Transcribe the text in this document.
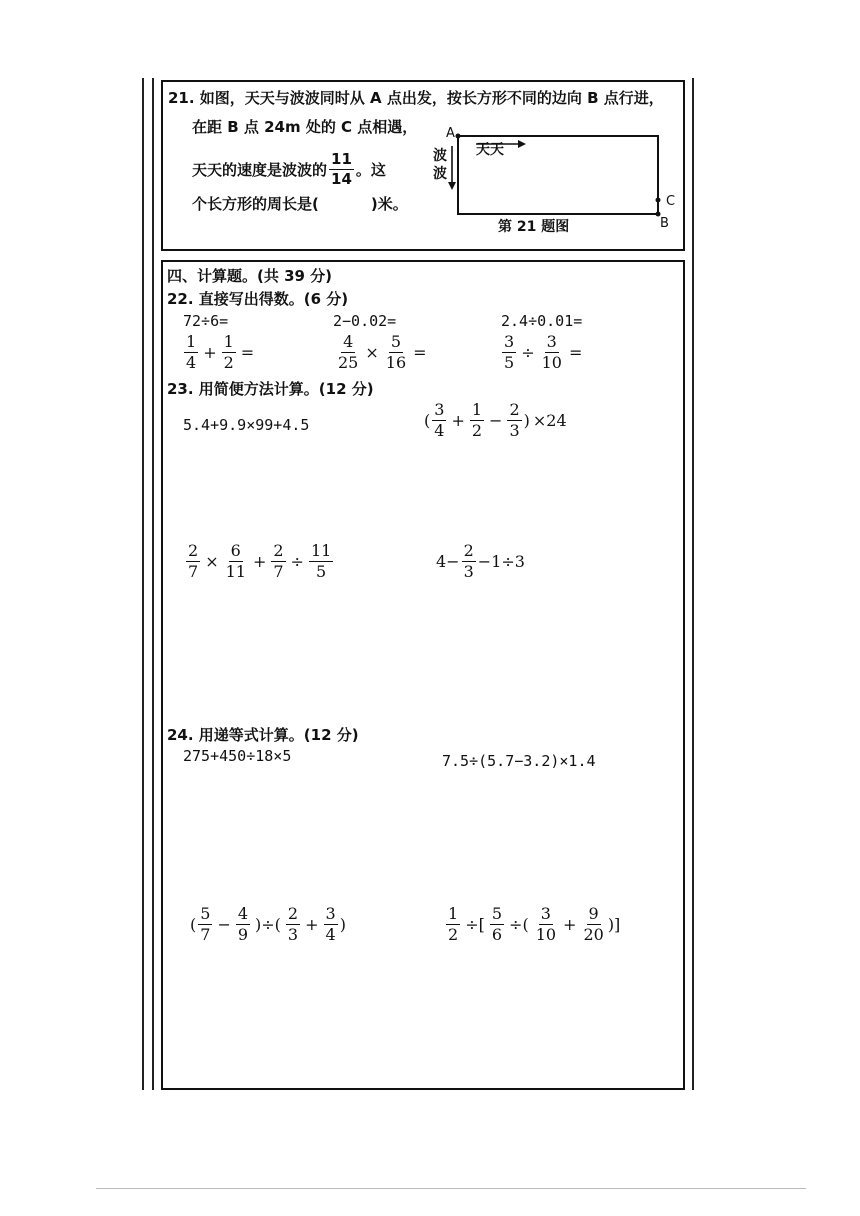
21. 如图，天天与波波同时从 A 点出发，按长方形不同的边向 B 点行进，
在距 B 点 24m 处的 C 点相遇，
天天的速度是波波的 $\frac{11}{14}$ 。这
个长方形的周长是(	)米。
A
C
B
天天
波波
第 21 题图
四、计算题。(共 39 分)
22. 直接写出得数。(6 分)
72÷6=	2−0.02=	2.4÷0.01=
$\frac{1}{4} + \frac{1}{2}$ =	$\frac{4}{25} \times \frac{5}{16}$ =	$\frac{3}{5} \div \frac{3}{10}$ =
23. 用简便方法计算。(12 分)
5.4+9.9×99+4.5	( $\frac{3}{4} + \frac{1}{2} - \frac{2}{3}$ ) ×24
$\frac{2}{7} \times \frac{6}{11} + \frac{2}{7} \div \frac{11}{5}$	$4- \frac{2}{3} -1\div 3$
24. 用递等式计算。(12 分)
275+450÷18×5	7.5÷(5.7−3.2)×1.4
( $\frac{5}{7} - \frac{4}{9}$ )÷( $\frac{2}{3} + \frac{3}{4}$ )	$\frac{1}{2}$ ÷[ $\frac{5}{6}$ ÷( $\frac{3}{10} + \frac{9}{20}$ )]
